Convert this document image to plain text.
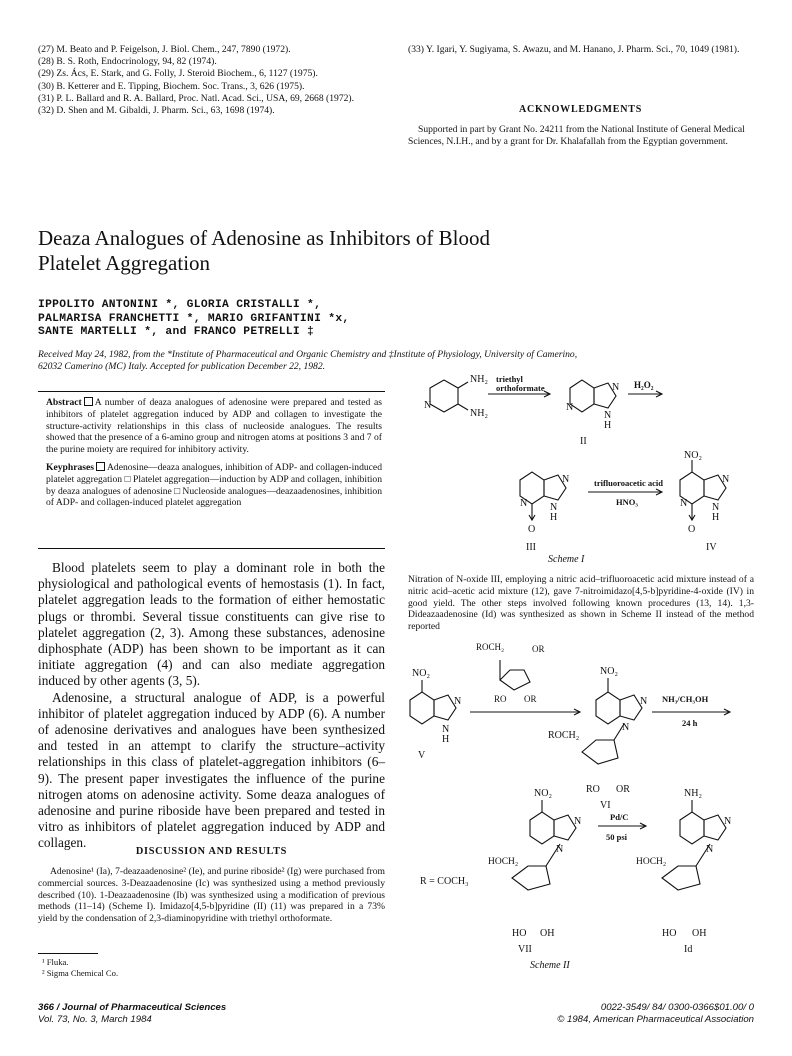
(27) M. Beato and P. Feigelson, J. Biol. Chem., 247, 7890 (1972).

(28) B. S. Roth, Endocrinology, 94, 82 (1974).

(29) Zs. Ács, E. Stark, and G. Folly, J. Steroid Biochem., 6, 1127 (1975).

(30) B. Ketterer and E. Tipping, Biochem. Soc. Trans., 3, 626 (1975).

(31) P. L. Ballard and R. A. Ballard, Proc. Natl. Acad. Sci., USA, 69, 2668 (1972).

(32) D. Shen and M. Gibaldi, J. Pharm. Sci., 63, 1698 (1974).

(33) Y. Igari, Y. Sugiyama, S. Awazu, and M. Hanano, J. Pharm. Sci., 70, 1049 (1981).

ACKNOWLEDGMENTS
Supported in part by Grant No. 24211 from the National Institute of General Medical Sciences, N.I.H., and by a grant for Dr. Khalafallah from the Egyptian government.
Deaza Analogues of Adenosine as Inhibitors of Blood
Platelet Aggregation
IPPOLITO ANTONINI *, GLORIA CRISTALLI *,
PALMARISA FRANCHETTI *, MARIO GRIFANTINI *x,
SANTE MARTELLI *, and FRANCO PETRELLI ‡
Received May 24, 1982, from the *Institute of Pharmaceutical and Organic Chemistry and ‡Institute of Physiology, University of Camerino,
62032 Camerino (MC) Italy. Accepted for publication December 22, 1982.
Abstract A number of deaza analogues of adenosine were prepared and tested as inhibitors of platelet aggregation induced by ADP and collagen to investigate the structure-activity relationships in this class of nucleoside analogues. The results showed that the presence of a 6-amino group and nitrogen atoms at positions 3 and 7 of the purine moiety are required for inhibitory activity.
Keyphrases Adenosine—deaza analogues, inhibition of ADP- and collagen-induced platelet aggregation □ Platelet aggregation—induction by ADP and collagen, inhibition by deaza analogues of adenosine □ Nucleoside analogues—deazaadenosines, inhibition of ADP- and collagen-induced platelet aggregation

Blood platelets seem to play a dominant role in both the physiological and pathological events of hemostasis (1). In fact, platelet aggregation leads to the formation of either hemostatic plugs or thrombi. Several tissue constituents can give rise to platelet aggregation (2, 3). Among these substances, adenosine diphosphate (ADP) has been shown to be important as it can initiate aggregation (4) and can also mediate aggregation induced by other agents (3, 5).

Adenosine, a structural analogue of ADP, is a powerful inhibitor of platelet aggregation induced by ADP (6). A number of adenosine derivatives and analogues have been synthesized and tested in an attempt to clarify the structure–activity relationships in this class of platelet-aggregation inhibitors (6–9). The present paper investigates the influence of the purine nitrogen atoms on adenosine activity. Some deaza analogues of adenosine and purine riboside have been prepared and tested in vitro as inhibitors of platelet aggregation induced by ADP and collagen.

DISCUSSION AND RESULTS

Adenosine¹ (Ia), 7-deazaadenosine² (Ie), and purine riboside² (Ig) were purchased from commercial sources. 3-Deazaadenosine (Ic) was synthesized using a method previously described (10). 1-Deazaadenosine (Ib) was synthesized using a modification of previous methods (11–14) (Scheme I). Imidazo[4,5-b]pyridine (II) (11) was prepared in a 73% yield by the condensation of 2,3-diaminopyridine with triethyl orthoformate.

¹ Fluka.
² Sigma Chemical Co.
Nitration of N-oxide III, employing a nitric acid–trifluoroacetic acid mixture instead of a nitric acid–acetic acid mixture (12), gave 7-nitroimidazo[4,5-b]pyridine-4-oxide (IV) in good yield. The other steps involved following known procedures (13, 14). 1,3-Dideazaadenosine (Id) was synthesized as shown in Scheme II instead of the method reported
NH₂
NH₂
N
triethyl
orthoformate	N
N
N
H
H₂O₂
II
N
N N
H
O
III
trifluoroacetic acid
HNO₃
NO₂
N
N N
H
O
IV
Scheme I
NO₂
N
N
H
V
ROCH₂	OR
RO OR
NO₂
N
N
ROCH₂
RO OR
VI
NH₃/CH₃OH
24 h
NO₂
N
N
HOCH₂
HO OH
VII
R = COCH₃
Pd/C
50 psi
NH₂
N
N
HOCH₂
HO OH
Id
Scheme II
366 / Journal of Pharmaceutical Sciences
Vol. 73, No. 3, March 1984
0022-3549/ 84/ 0300-0366$01.00/ 0
© 1984, American Pharmaceutical Association
